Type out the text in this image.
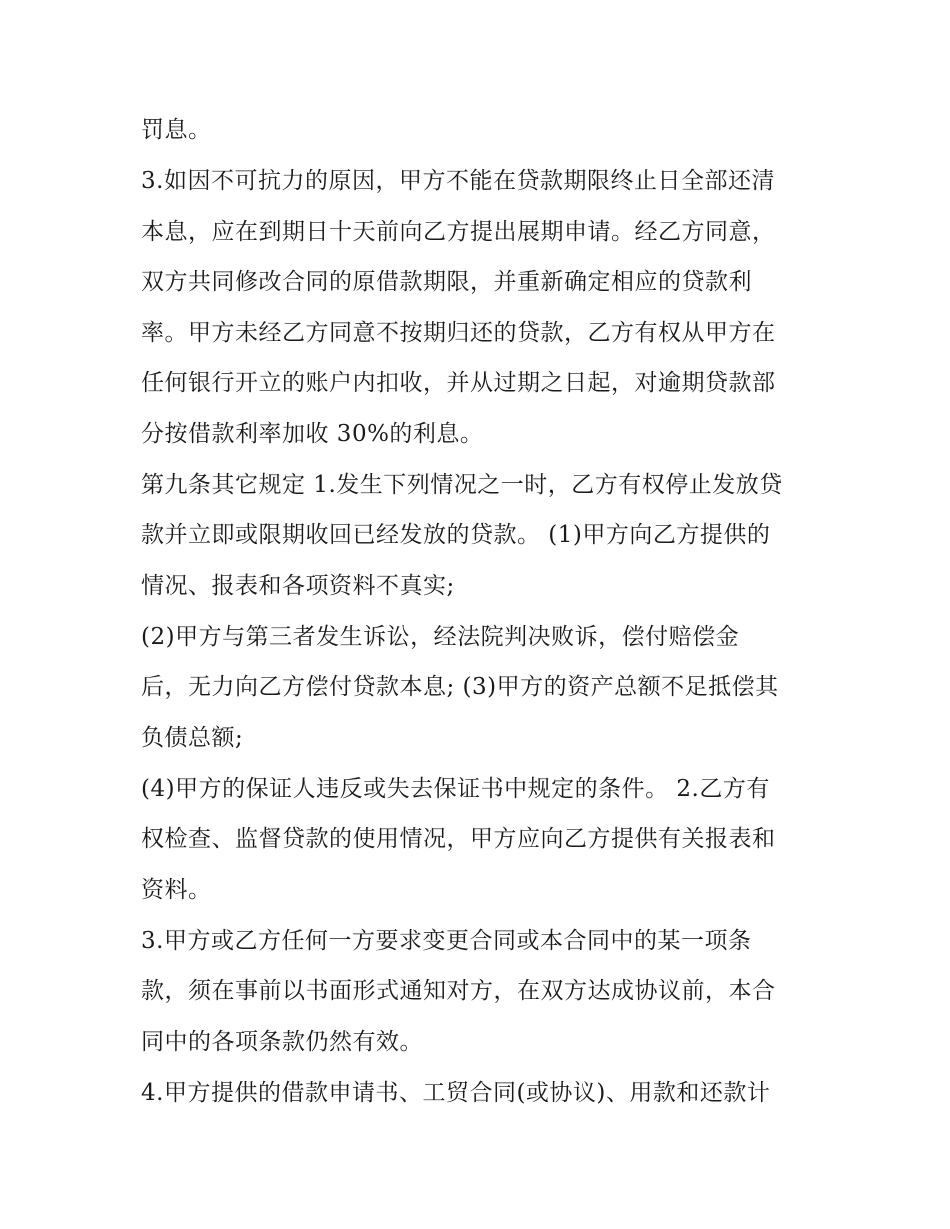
罚息。
3.如因不可抗力的原因，甲方不能在贷款期限终止日全部还清
本息，应在到期日十天前向乙方提出展期申请。经乙方同意，
双方共同修改合同的原借款期限，并重新确定相应的贷款利
率。甲方未经乙方同意不按期归还的贷款，乙方有权从甲方在
任何银行开立的账户内扣收，并从过期之日起，对逾期贷款部
分按借款利率加收 30%的利息。
第九条其它规定 1.发生下列情况之一时，乙方有权停止发放贷
款并立即或限期收回已经发放的贷款。 (1)甲方向乙方提供的
情况、报表和各项资料不真实;
(2)甲方与第三者发生诉讼，经法院判决败诉，偿付赔偿金
后，无力向乙方偿付贷款本息; (3)甲方的资产总额不足抵偿其
负债总额;
(4)甲方的保证人违反或失去保证书中规定的条件。 2.乙方有
权检查、监督贷款的使用情况，甲方应向乙方提供有关报表和
资料。
3.甲方或乙方任何一方要求变更合同或本合同中的某一项条
款，须在事前以书面形式通知对方，在双方达成协议前，本合
同中的各项条款仍然有效。
4.甲方提供的借款申请书、工贸合同(或协议)、用款和还款计
